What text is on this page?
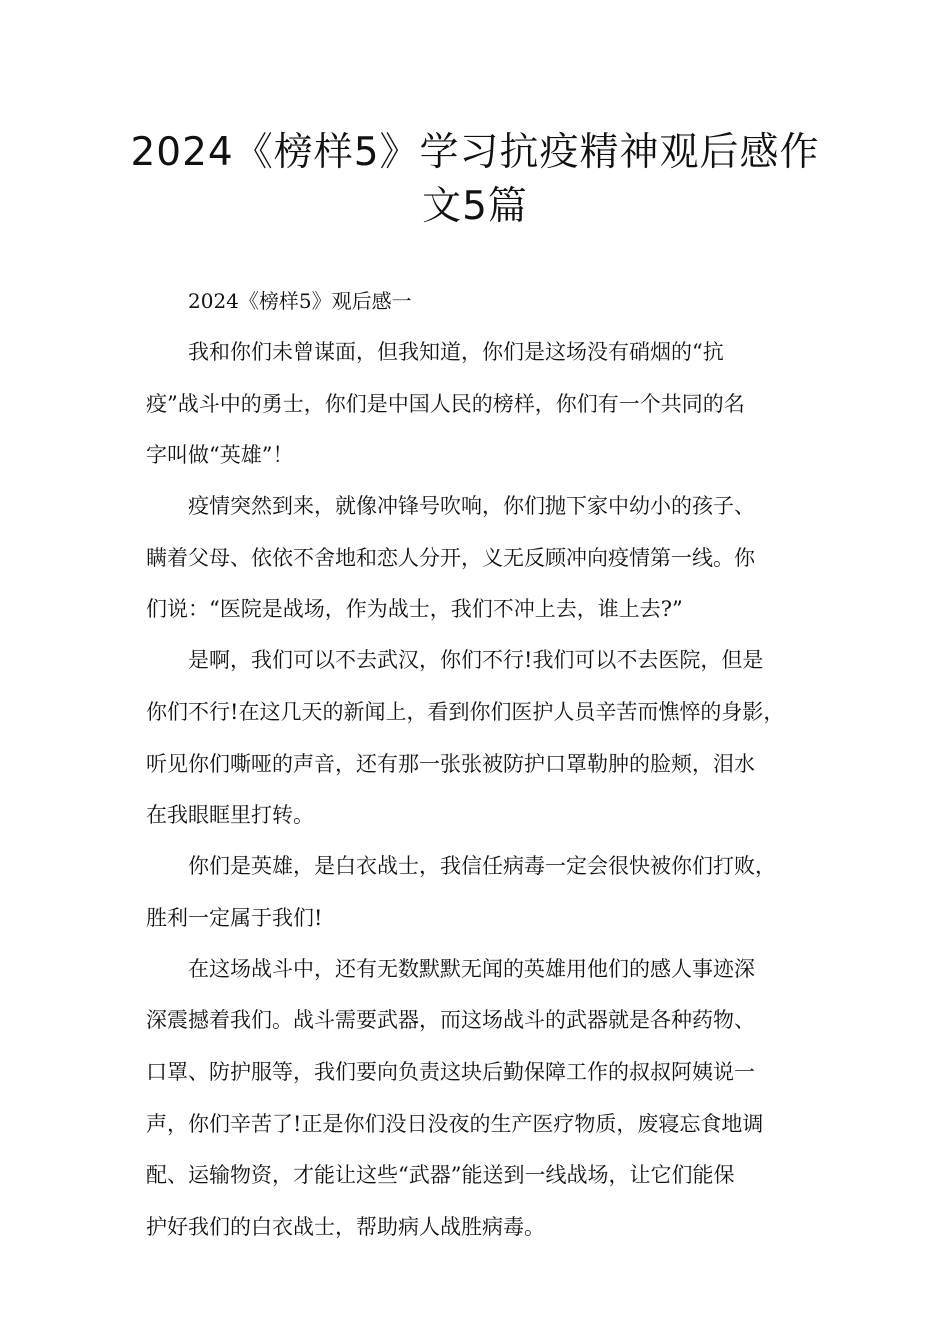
2024《榜样5》学习抗疫精神观后感作
文5篇
2024《榜样5》观后感一
我和你们未曾谋面，但我知道，你们是这场没有硝烟的“抗
疫”战斗中的勇士，你们是中国人民的榜样，你们有一个共同的名
字叫做“英雄”！
疫情突然到来，就像冲锋号吹响，你们抛下家中幼小的孩子、
瞒着父母、依依不舍地和恋人分开，义无反顾冲向疫情第一线。你
们说：“医院是战场，作为战士，我们不冲上去，谁上去?”
是啊，我们可以不去武汉，你们不行!我们可以不去医院，但是
你们不行!在这几天的新闻上，看到你们医护人员辛苦而憔悴的身影，
听见你们嘶哑的声音，还有那一张张被防护口罩勒肿的脸颊，泪水
在我眼眶里打转。
你们是英雄，是白衣战士，我信任病毒一定会很快被你们打败，
胜利一定属于我们!
在这场战斗中，还有无数默默无闻的英雄用他们的感人事迹深
深震撼着我们。战斗需要武器，而这场战斗的武器就是各种药物、
口罩、防护服等，我们要向负责这块后勤保障工作的叔叔阿姨说一
声，你们辛苦了!正是你们没日没夜的生产医疗物质，废寝忘食地调
配、运输物资，才能让这些“武器”能送到一线战场，让它们能保
护好我们的白衣战士，帮助病人战胜病毒。
